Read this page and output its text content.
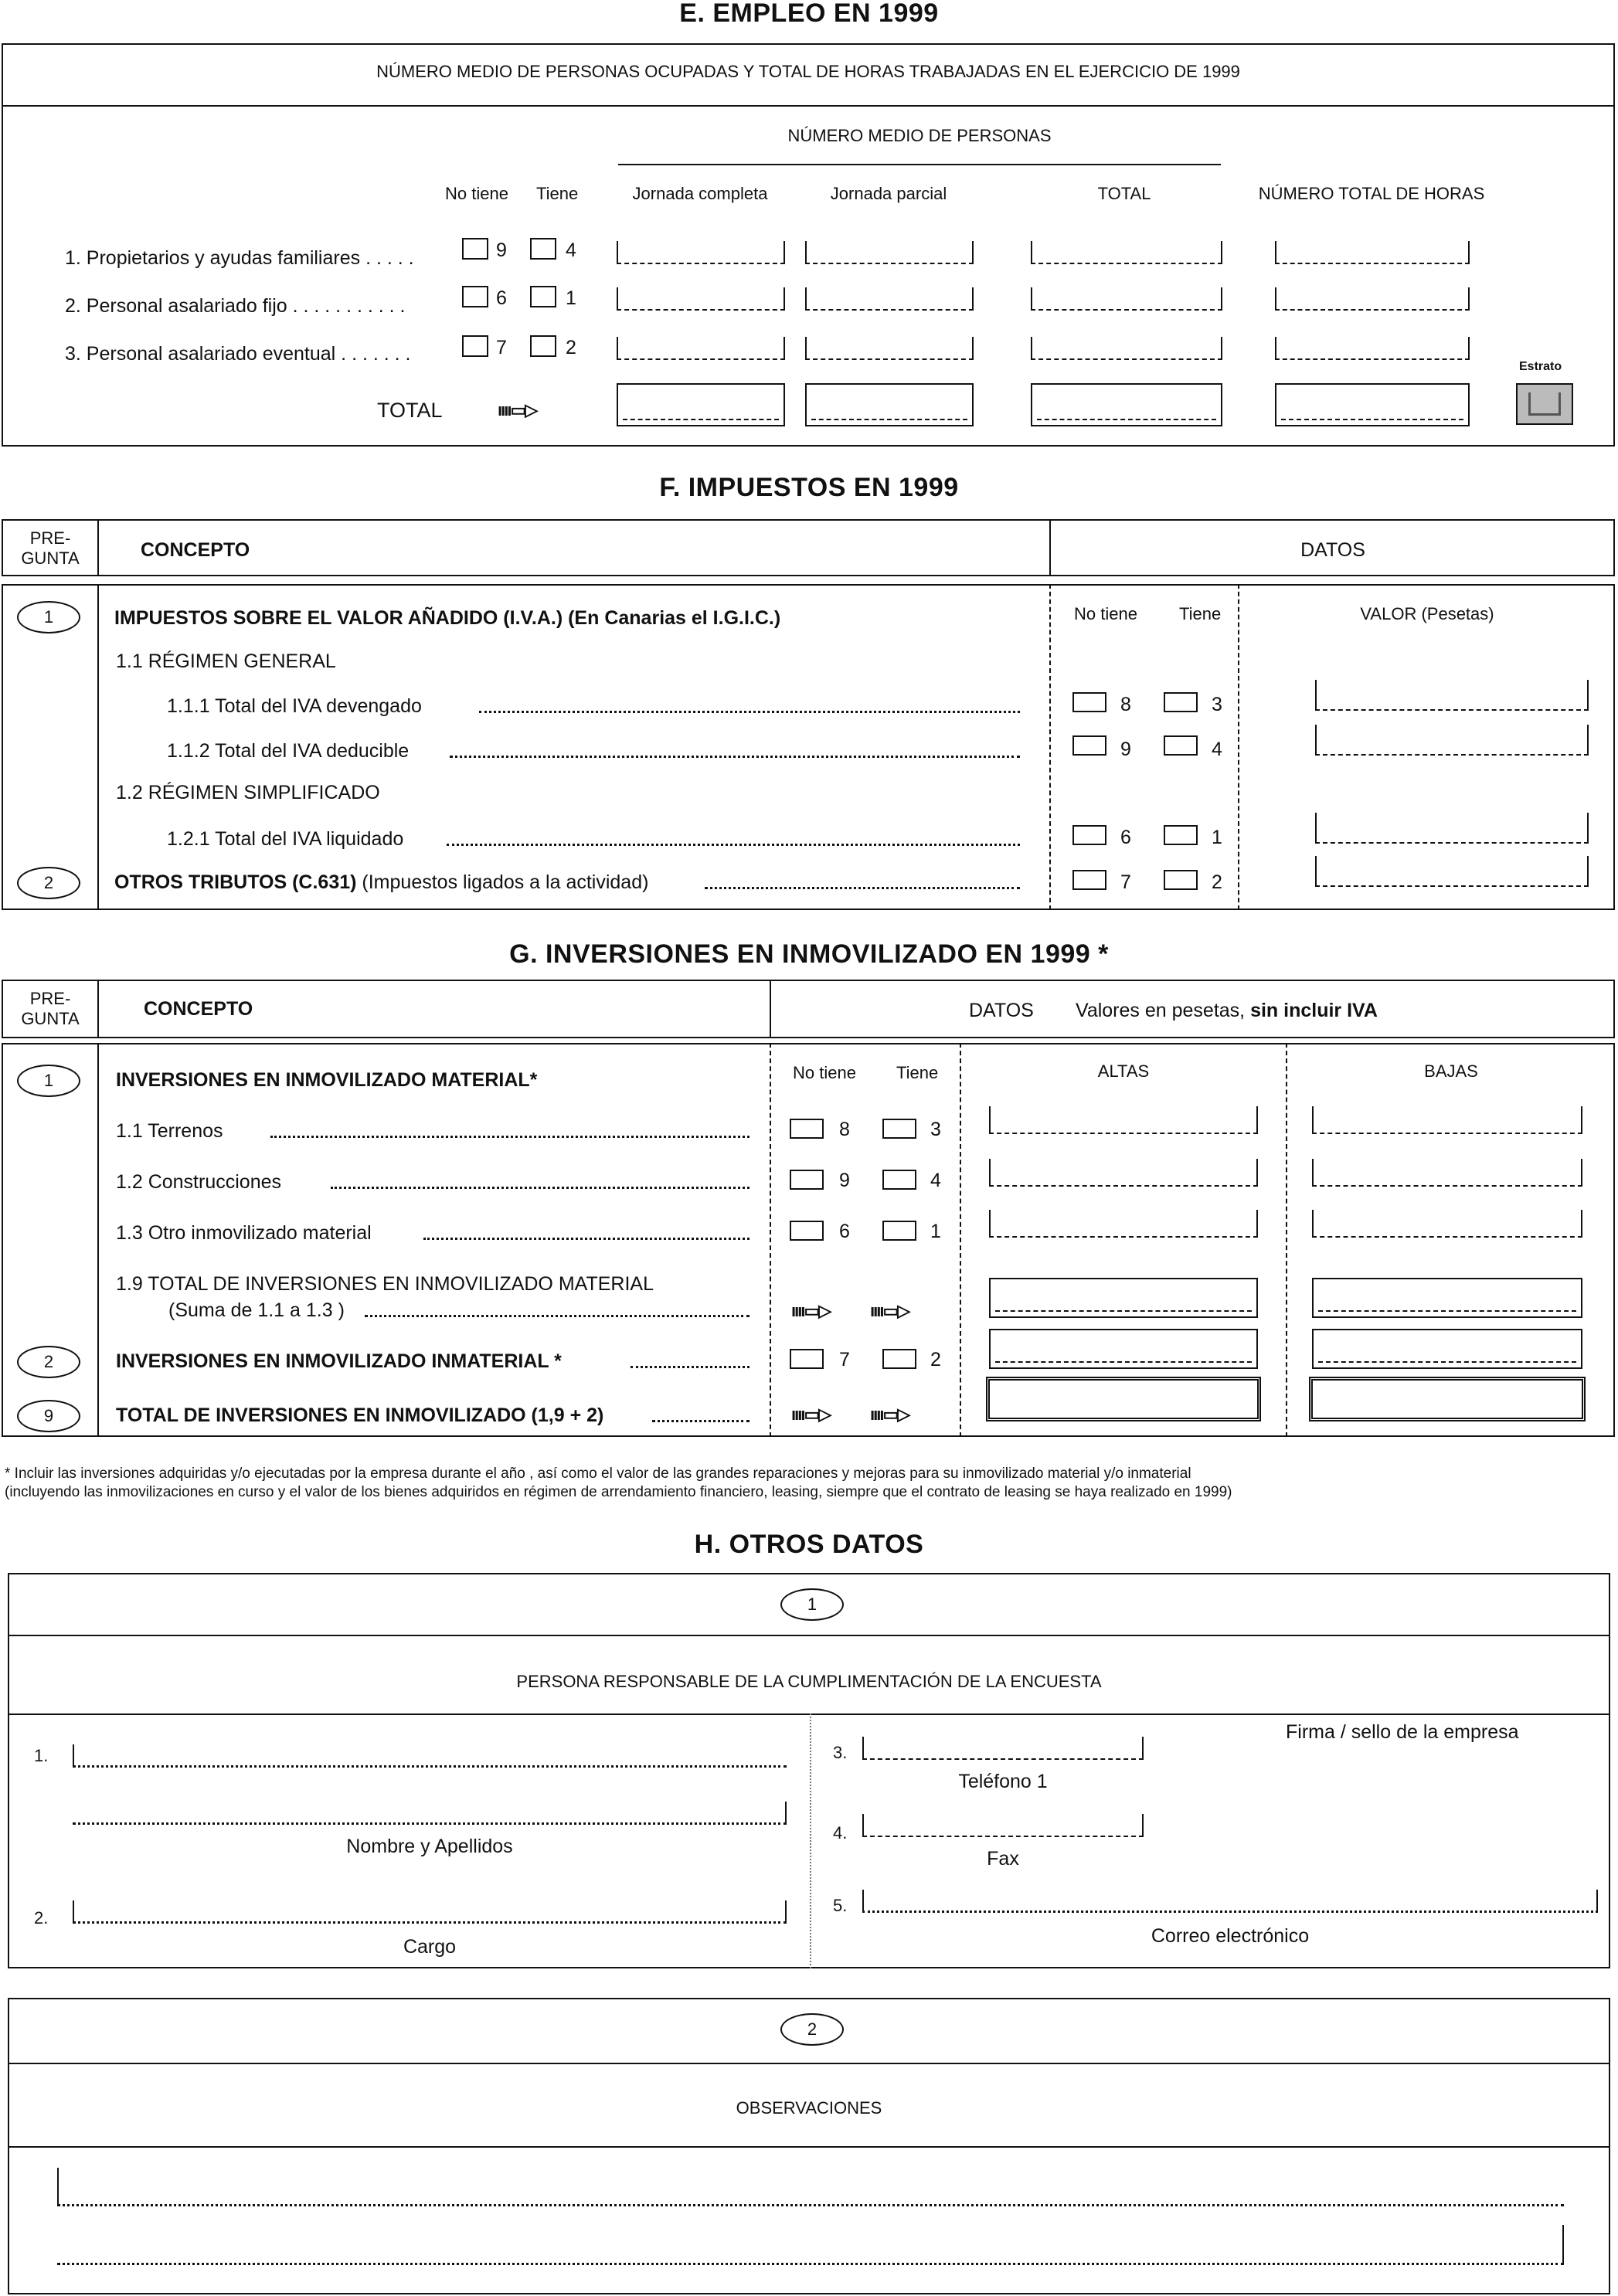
E. EMPLEO EN 1999
NÚMERO MEDIO DE PERSONAS OCUPADAS Y TOTAL DE HORAS TRABAJADAS EN EL EJERCICIO DE 1999
NÚMERO MEDIO DE PERSONAS
No tiene Tiene	Jornada completa	Jornada parcial	TOTAL	NÚMERO TOTAL DE HORAS
1. Propietarios y ayudas familiares . . . . .	9	4
2. Personal asalariado fijo . . . . . . . . . . .	6	1
3. Personal asalariado eventual . . . . . . .	7	2
TOTAL	ıııı▭▷
Estrato
F. IMPUESTOS EN 1999
PRE-
GUNTA	CONCEPTO	DATOS
No tiene Tiene	VALOR (Pesetas)
1	IMPUESTOS SOBRE EL VALOR AÑADIDO (I.V.A.) (En Canarias el I.G.I.C.)
1.1 RÉGIMEN GENERAL
1.1.1 Total del IVA devengado	8	3
1.1.2 Total del IVA deducible	9	4
1.2 RÉGIMEN SIMPLIFICADO
1.2.1 Total del IVA liquidado	6	1
2	OTROS TRIBUTOS (C.631) (Impuestos ligados a la actividad)	7	2
G. INVERSIONES EN INMOVILIZADO EN 1999 *
PRE-
GUNTA	CONCEPTO	DATOS Valores en pesetas, sin incluir IVA
No tiene Tiene	ALTAS	BAJAS
1	INVERSIONES EN INMOVILIZADO MATERIAL*
1.1 Terrenos	8	3
1.2 Construcciones	9	4
1.3 Otro inmovilizado material	6	1
1.9 TOTAL DE INVERSIONES EN INMOVILIZADO MATERIAL
(Suma de 1.1 a 1.3 )	ıııı▭▷ ıııı▭▷
2	INVERSIONES EN INMOVILIZADO INMATERIAL *	7	2
9	TOTAL DE INVERSIONES EN INMOVILIZADO (1,9 + 2)	ıııı▭▷ ıııı▭▷
* Incluir las inversiones adquiridas y/o ejecutadas por la empresa durante el año , así como el valor de las grandes reparaciones y mejoras para su inmovilizado material y/o inmaterial
(incluyendo las inmovilizaciones en curso y el valor de los bienes adquiridos en régimen de arrendamiento financiero, leasing, siempre que el contrato de leasing se haya realizado en 1999)
H. OTROS DATOS
1
PERSONA RESPONSABLE DE LA CUMPLIMENTACIÓN DE LA ENCUESTA
1.
Nombre y Apellidos
2.
Cargo
3.
Teléfono 1
4.
Fax
Firma / sello de la empresa
5.
Correo electrónico
2
OBSERVACIONES
